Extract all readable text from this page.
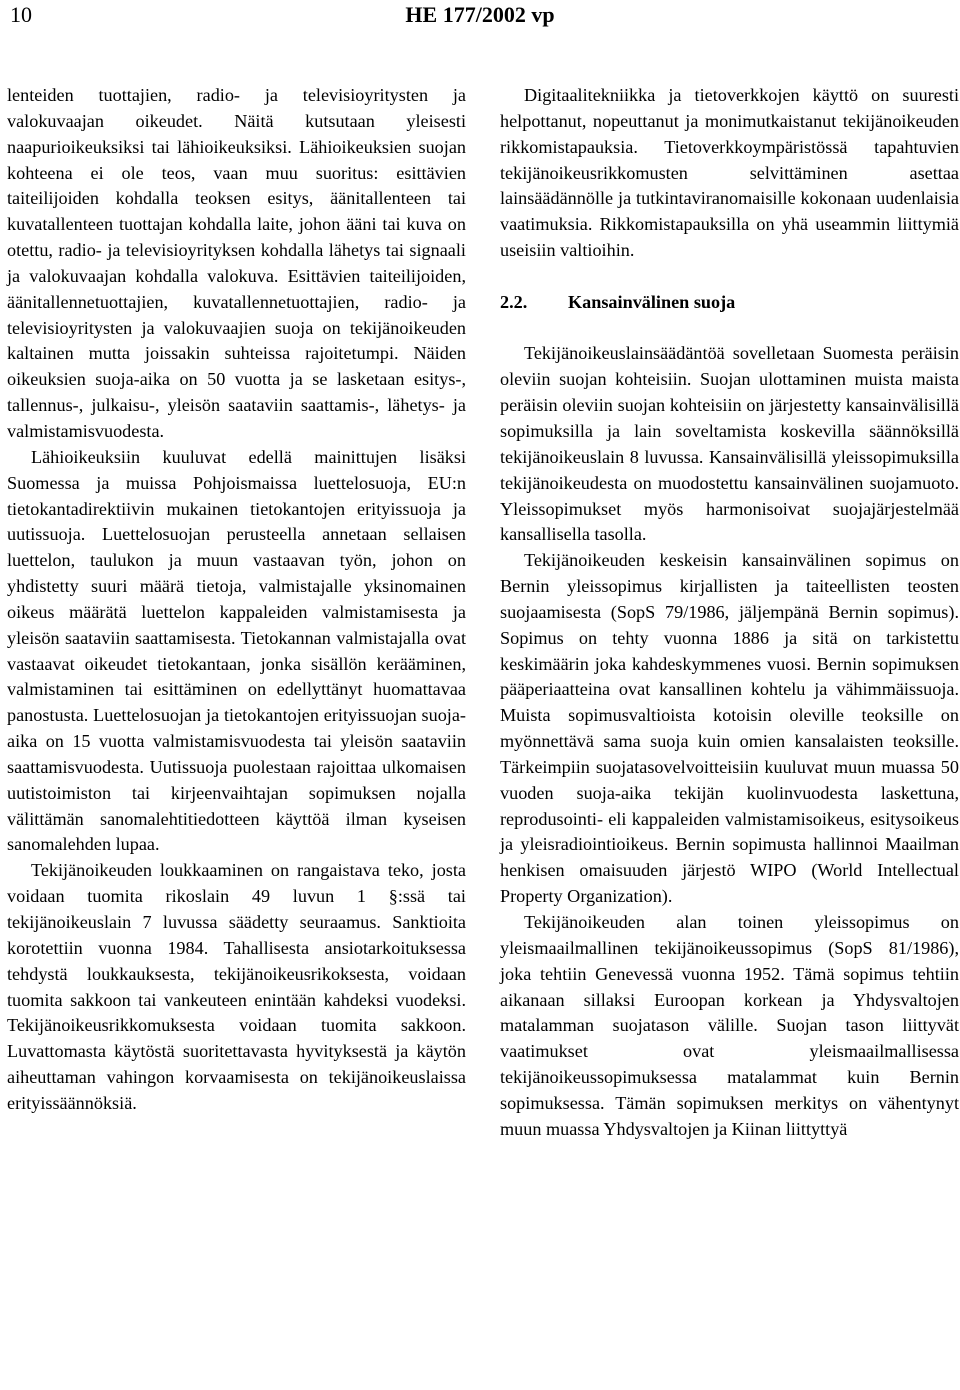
10	HE 177/2002 vp

lenteiden tuottajien, radio- ja televisioyritysten ja valokuvaajan oikeudet. Näitä kutsutaan yleisesti naapurioikeuksiksi tai lähioikeuksiksi. Lähioikeuksien suojan kohteena ei ole teos, vaan muu suoritus: esittävien taiteilijoiden kohdalla teoksen esitys, äänitallenteen tai kuvatallenteen tuottajan kohdalla laite, johon ääni tai kuva on otettu, radio- ja televisioyrityksen kohdalla lähetys tai signaali ja valokuvaajan kohdalla valokuva. Esittävien taiteilijoiden, äänitallennetuottajien, kuvatallennetuottajien, radio- ja televisioyritysten ja valokuvaajien suoja on tekijänoikeuden kaltainen mutta joissakin suhteissa rajoitetumpi. Näiden oikeuksien suoja-aika on 50 vuotta ja se lasketaan esitys-, tallennus-, julkaisu-, yleisön saataviin saattamis-, lähetys- ja valmistamisvuodesta.

Lähioikeuksiin kuuluvat edellä mainittujen lisäksi Suomessa ja muissa Pohjoismaissa luettelosuoja, EU:n tietokantadirektiivin mukainen tietokantojen erityissuoja ja uutissuoja. Luettelosuojan perusteella annetaan sellaisen luettelon, taulukon ja muun vastaavan työn, johon on yhdistetty suuri määrä tietoja, valmistajalle yksinomainen oikeus määrätä luettelon kappaleiden valmistamisesta ja yleisön saataviin saattamisesta. Tietokannan valmistajalla ovat vastaavat oikeudet tietokantaan, jonka sisällön kerääminen, valmistaminen tai esittäminen on edellyttänyt huomattavaa panostusta. Luettelosuojan ja tietokantojen erityissuojan suoja-aika on 15 vuotta valmistamisvuodesta tai yleisön saataviin saattamisvuodesta. Uutissuoja puolestaan rajoittaa ulkomaisen uutistoimiston tai kirjeenvaihtajan sopimuksen nojalla välittämän sanomalehtitiedotteen käyttöä ilman kyseisen sanomalehden lupaa.

Tekijänoikeuden loukkaaminen on rangaistava teko, josta voidaan tuomita rikoslain 49 luvun 1 §:ssä tai tekijänoikeuslain 7 luvussa säädetty seuraamus. Sanktioita korotettiin vuonna 1984. Tahallisesta ansiotarkoituksessa tehdystä loukkauksesta, tekijänoikeusrikoksesta, voidaan tuomita sakkoon tai vankeuteen enintään kahdeksi vuodeksi. Tekijänoikeusrikkomuksesta voidaan tuomita sakkoon. Luvattomasta käytöstä suoritettavasta hyvityksestä ja käytön aiheuttaman vahingon korvaamisesta on tekijänoikeuslaissa erityissäännöksiä.

Digitaalitekniikka ja tietoverkkojen käyttö on suuresti helpottanut, nopeuttanut ja monimutkaistanut tekijänoikeuden rikkomistapauksia. Tietoverkkoympäristössä tapahtuvien tekijänoikeusrikkomusten selvittäminen asettaa lainsäädännölle ja tutkintaviranomaisille kokonaan uudenlaisia vaatimuksia. Rikkomistapauksilla on yhä useammin liittymiä useisiin valtioihin.

2.2. Kansainvälinen suoja

Tekijänoikeuslainsäädäntöä sovelletaan Suomesta peräisin oleviin suojan kohteisiin. Suojan ulottaminen muista maista peräisin oleviin suojan kohteisiin on järjestetty kansainvälisillä sopimuksilla ja lain soveltamista koskevilla säännöksillä tekijänoikeuslain 8 luvussa. Kansainvälisillä yleissopimuksilla tekijänoikeudesta on muodostettu kansainvälinen suojamuoto. Yleissopimukset myös harmonisoivat suojajärjestelmää kansallisella tasolla.

Tekijänoikeuden keskeisin kansainvälinen sopimus on Bernin yleissopimus kirjallisten ja taiteellisten teosten suojaamisesta (SopS 79/1986, jäljempänä Bernin sopimus). Sopimus on tehty vuonna 1886 ja sitä on tarkistettu keskimäärin joka kahdeskymmenes vuosi. Bernin sopimuksen pääperiaatteina ovat kansallinen kohtelu ja vähimmäissuoja. Muista sopimusvaltioista kotoisin oleville teoksille on myönnettävä sama suoja kuin omien kansalaisten teoksille. Tärkeimpiin suojatasovelvoitteisiin kuuluvat muun muassa 50 vuoden suoja-aika tekijän kuolinvuodesta laskettuna, reprodusointi- eli kappaleiden valmistamisoikeus, esitysoikeus ja yleisradiointioikeus. Bernin sopimusta hallinnoi Maailman henkisen omaisuuden järjestö WIPO (World Intellectual Property Organization).

Tekijänoikeuden alan toinen yleissopimus on yleismaailmallinen tekijänoikeussopimus (SopS 81/1986), joka tehtiin Genevessä vuonna 1952. Tämä sopimus tehtiin aikanaan sillaksi Euroopan korkean ja Yhdysvaltojen matalamman suojatason välille. Suojan tason liittyvät vaatimukset ovat yleismaailmallisessa tekijänoikeussopimuksessa matalammat kuin Bernin sopimuksessa. Tämän sopimuksen merkitys on vähentynyt muun muassa Yhdysvaltojen ja Kiinan liittyttyä
